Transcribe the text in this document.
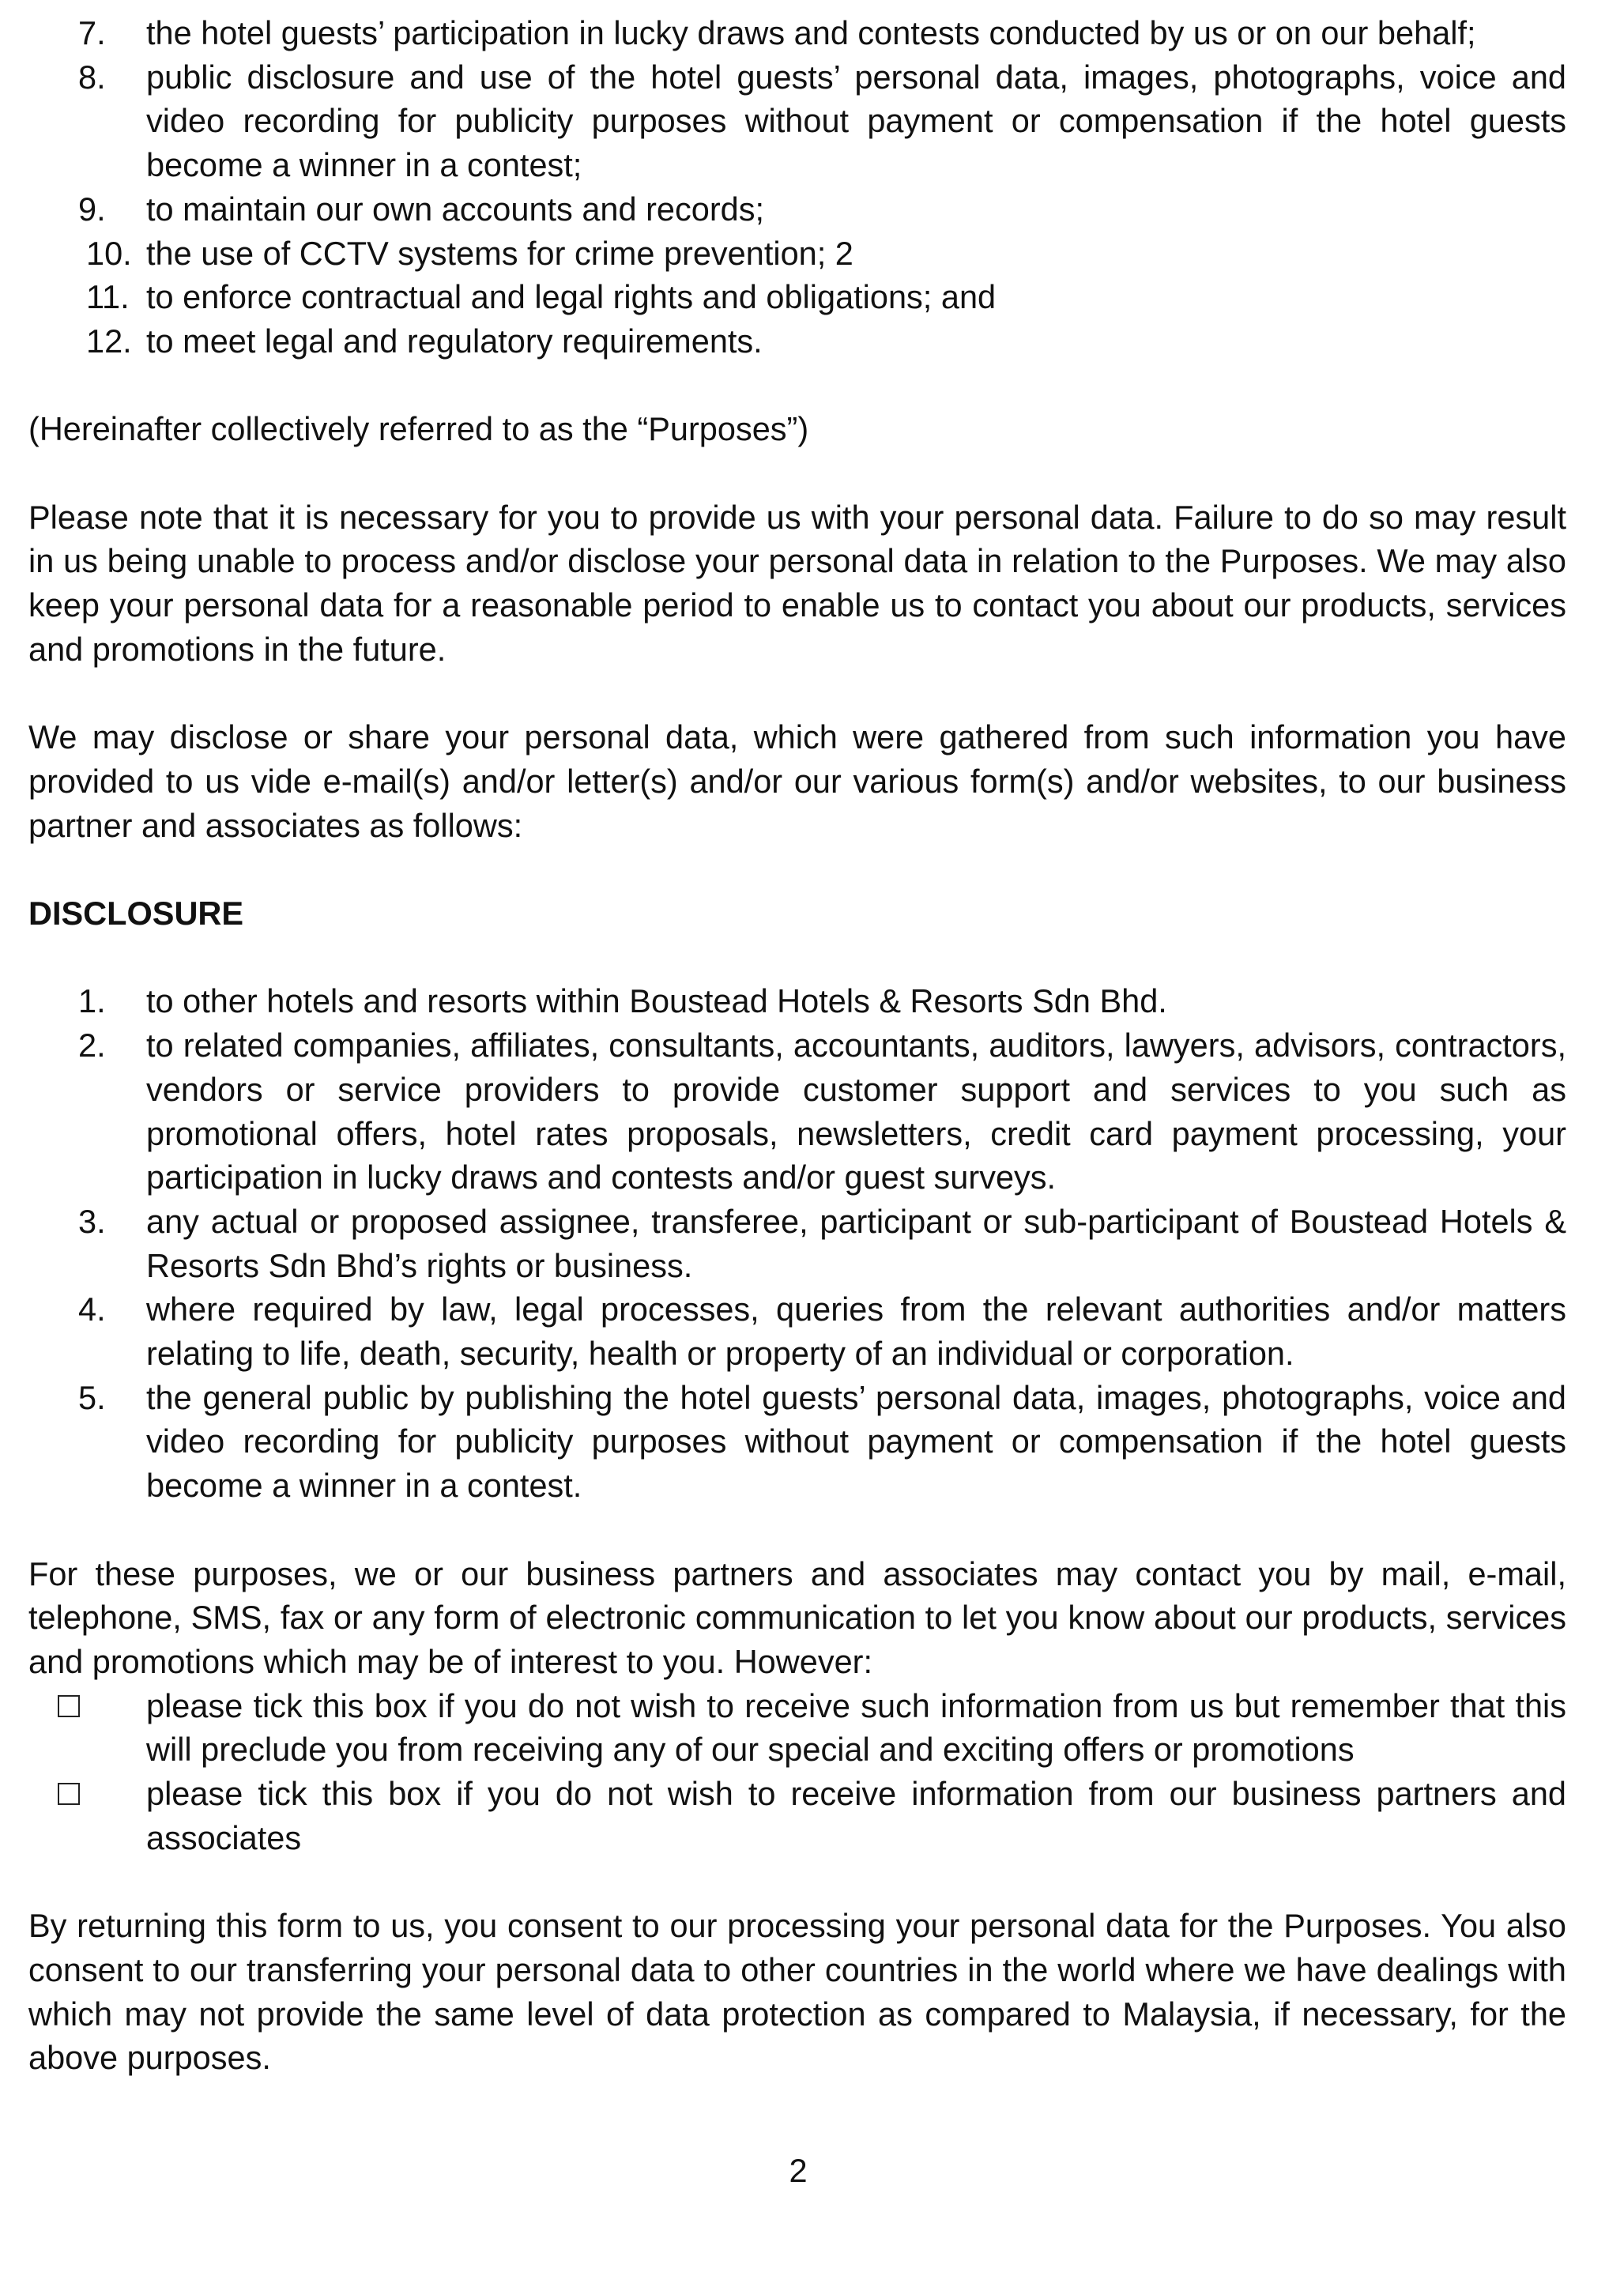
7.	the hotel guests’ participation in lucky draws and contests conducted by us or on our behalf;
8.	public disclosure and use of the hotel guests’ personal data, images, photographs, voice and video recording for publicity purposes without payment or compensation if the hotel guests become a winner in a contest;
9.	to maintain our own accounts and records;
10. the use of CCTV systems for crime prevention; 2
11. to enforce contractual and legal rights and obligations; and
12. to meet legal and regulatory requirements.

(Hereinafter collectively referred to as the “Purposes”)

Please note that it is necessary for you to provide us with your personal data. Failure to do so may result in us being unable to process and/or disclose your personal data in relation to the Purposes. We may also keep your personal data for a reasonable period to enable us to contact you about our products, services and promotions in the future.

We may disclose or share your personal data, which were gathered from such information you have provided to us vide e-mail(s) and/or letter(s) and/or our various form(s) and/or websites, to our business partner and associates as follows:

DISCLOSURE

1.	to other hotels and resorts within Boustead Hotels & Resorts Sdn Bhd.
2.	to related companies, affiliates, consultants, accountants, auditors, lawyers, advisors, contractors, vendors or service providers to provide customer support and services to you such as promotional offers, hotel rates proposals, newsletters, credit card payment processing, your participation in lucky draws and contests and/or guest surveys.
3.	any actual or proposed assignee, transferee, participant or sub-participant of Boustead Hotels & Resorts Sdn Bhd’s rights or business.
4.	where required by law, legal processes, queries from the relevant authorities and/or matters relating to life, death, security, health or property of an individual or corporation.
5.	the general public by publishing the hotel guests’ personal data, images, photographs, voice and video recording for publicity purposes without payment or compensation if the hotel guests become a winner in a contest.

For these purposes, we or our business partners and associates may contact you by mail, e-mail, telephone, SMS, fax or any form of electronic communication to let you know about our products, services and promotions which may be of interest to you. However:

please tick this box if you do not wish to receive such information from us but remember that this will preclude you from receiving any of our special and exciting offers or promotions
please tick this box if you do not wish to receive information from our business partners and associates

By returning this form to us, you consent to our processing your personal data for the Purposes. You also consent to our transferring your personal data to other countries in the world where we have dealings with which may not provide the same level of data protection as compared to Malaysia, if necessary, for the above purposes.

2
